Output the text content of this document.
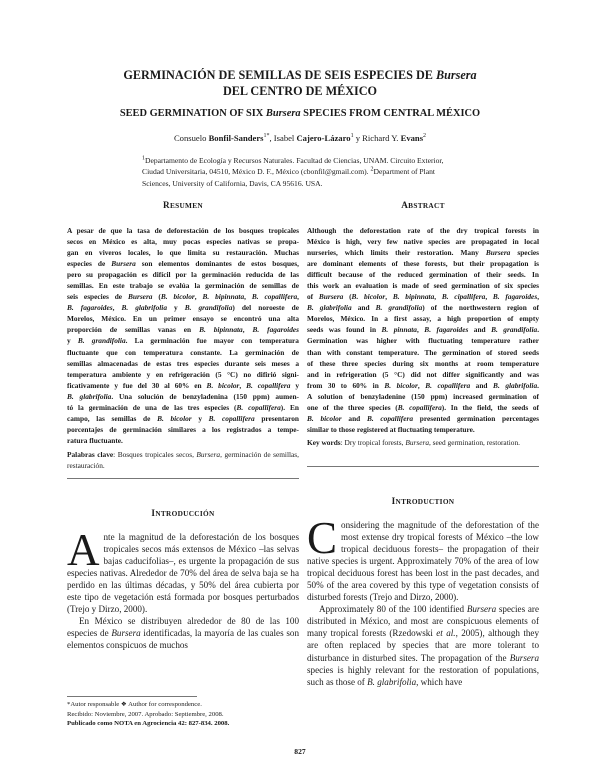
GERMINACIÓN DE SEMILLAS DE SEIS ESPECIES DE Bursera
DEL CENTRO DE MÉXICO
SEED GERMINATION OF SIX Bursera SPECIES FROM CENTRAL MÉXICO
Consuelo Bonfil-Sanders$^{1*}$, Isabel Cajero-Lázaro$^1$ y Richard Y. Evans$^2$
$^1$Departamento de Ecología y Recursos Naturales. Facultad de Ciencias, UNAM. Circuito Exterior,
Ciudad Universitaria, 04510, México D. F., México (cbonfil@gmail.com). $^2$Department of Plant
Sciences, University of California, Davis, CA 95616. USA.
RESUMEN	ABSTRACT
A pesar de que la tasa de deforestación de los bosques tropicales
secos en México es alta, muy pocas especies nativas se propa-
gan en viveros locales, lo que limita su restauración. Muchas
especies de Bursera son elementos dominantes de estos bosques,
pero su propagación es difícil por la germinación reducida de las
semillas. En este trabajo se evalúa la germinación de semillas de
seis especies de Bursera (B. bicolor, B. bipinnata, B. copallifera,
B. fagaroides, B. glabrifolia y B. grandifolia) del noroeste de
Morelos, México. En un primer ensayo se encontró una alta
proporción de semillas vanas en B. bipinnata, B. fagaroides
y B. grandifolia. La germinación fue mayor con temperatura
fluctuante que con temperatura constante. La germinación de
semillas almacenadas de estas tres especies durante seis meses a
temperatura ambiente y en refrigeración (5 °C) no difirió signi-
ficativamente y fue del 30 al 60% en B. bicolor, B. copallifera y
B. glabrifolia. Una solución de benzyladenina (150 ppm) aumen-
tó la germinación de una de las tres especies (B. copallifera). En
campo, las semillas de B. bicolor y B. copallifera presentaron
porcentajes de germinación similares a los registrados a tempe-
ratura fluctuante.
Although the deforestation rate of the dry tropical forests in
México is high, very few native species are propagated in local
nurseries, which limits their restoration. Many Bursera species
are dominant elements of these forests, but their propagation is
difficult because of the reduced germination of their seeds. In
this work an evaluation is made of seed germination of six species
of Bursera (B. bicolor, B. bipinnata, B. cipallifera, B. fagaroides,
B. glabrifolia and B. grandifolia) of the northwestern region of
Morelos, México. In a first assay, a high proportion of empty
seeds was found in B. pinnata, B. fagaroides and B. grandifolia.
Germination was higher with fluctuating temperature rather
than with constant temperature. The germination of stored seeds
of these three species during six months at room temperature
and in refrigeration (5 °C) did not differ significantly and was
from 30 to 60% in B. bicolor, B. copallifera and B. glabrifolia.
A solution of benzyladenine (150 ppm) increased germination of
one of the three species (B. copallifera). In the field, the seeds of
B. bicolor and B. copallifera presented germination percentages
similar to those registered at fluctuating temperature.
Palabras clave: Bosques tropicales secos, Bursera, germinación de semillas, restauración.
Key words: Dry tropical forests, Bursera, seed germination, restoration.
INTRODUCCIÓN
INTRODUCTION
Ante la magnitud de la deforestación de los bosques tropicales secos más extensos de México –las selvas bajas caducifolias–, es urgente la propagación de sus especies nativas. Alrededor de 70% del área de selva baja se ha perdido en las últimas décadas, y 50% del área cubierta por este tipo de vegetación está formada por bosques perturbados (Trejo y Dirzo, 2000).
En México se distribuyen alrededor de 80 de las 100 especies de Bursera identificadas, la mayoría de las cuales son elementos conspicuos de muchos
Considering the magnitude of the deforestation of the most extense dry tropical forests of México –the low tropical deciduous forests– the propagation of their native species is urgent. Approximately 70% of the area of low tropical deciduous forest has been lost in the past decades, and 50% of the area covered by this type of vegetation consists of disturbed forests (Trejo and Dirzo, 2000).
Approximately 80 of the 100 identified Bursera species are distributed in México, and most are conspicuous elements of many tropical forests (Rzedowski et al., 2005), although they are often replaced by species that are more tolerant to disturbance in disturbed sites. The propagation of the Bursera species is highly relevant for the restoration of populations, such as those of B. glabrifolia, which have
*Autor responsable ❖ Author for correspondence.
Recibido: Noviembre, 2007. Aprobado: Septiembre, 2008.
Publicado como NOTA en Agrociencia 42: 827-834. 2008.
827
